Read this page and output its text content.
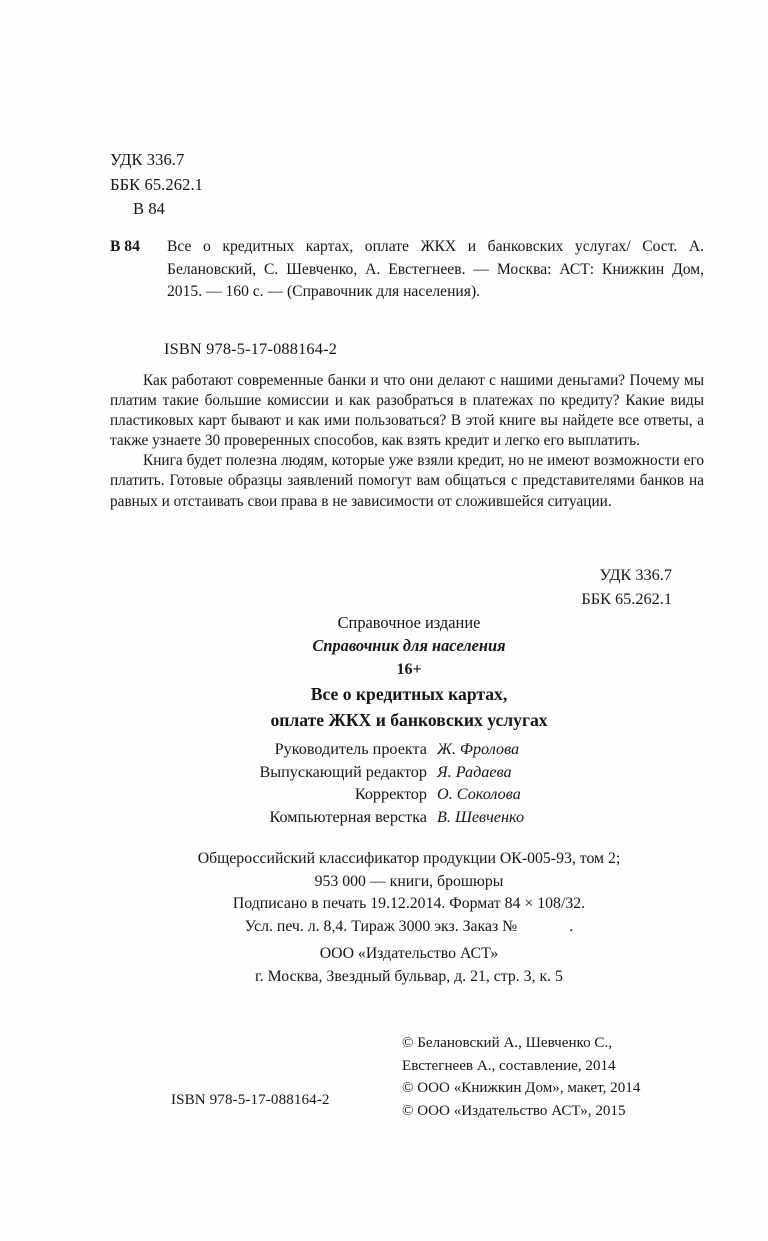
УДК 336.7
ББК 65.262.1
В 84
В 84 Все о кредитных картах, оплате ЖКХ и банковских услугах/ Сост. А. Белановский, С. Шевченко, А. Евстегнеев. — Москва: АСТ: Книжкин Дом, 2015. — 160 с. — (Справочник для населения).
ISBN 978-5-17-088164-2

Как работают современные банки и что они делают с нашими деньгами? Почему мы платим такие большие комиссии и как разобраться в платежах по кредиту? Какие виды пластиковых карт бывают и как ими пользоваться? В этой книге вы найдете все ответы, а также узнаете 30 проверенных способов, как взять кредит и легко его выплатить.

Книга будет полезна людям, которые уже взяли кредит, но не имеют возможности его платить. Готовые образцы заявлений помогут вам общаться с представителями банков на равных и отстаивать свои права в не зависимости от сложившейся ситуации.

УДК 336.7
ББК 65.262.1
Справочное издание
Справочник для населения
16+
Все о кредитных картах,
оплате ЖКХ и банковских услугах
Руководитель проекта Ж. Фролова
Выпускающий редактор Я. Радаева
Корректор О. Соколова
Компьютерная верстка В. Шевченко
Общероссийский классификатор продукции ОК-005-93, том 2;
953 000 — книги, брошюры
Подписано в печать 19.12.2014. Формат 84 × 108/32.
Усл. печ. л. 8,4. Тираж 3000 экз. Заказ №	.
ООО «Издательство АСТ»
г. Москва, Звездный бульвар, д. 21, стр. 3, к. 5
© Белановский А., Шевченко С.,
Евстегнеев А., составление, 2014
© ООО «Книжкин Дом», макет, 2014
© ООО «Издательство АСТ», 2015
ISBN 978-5-17-088164-2
